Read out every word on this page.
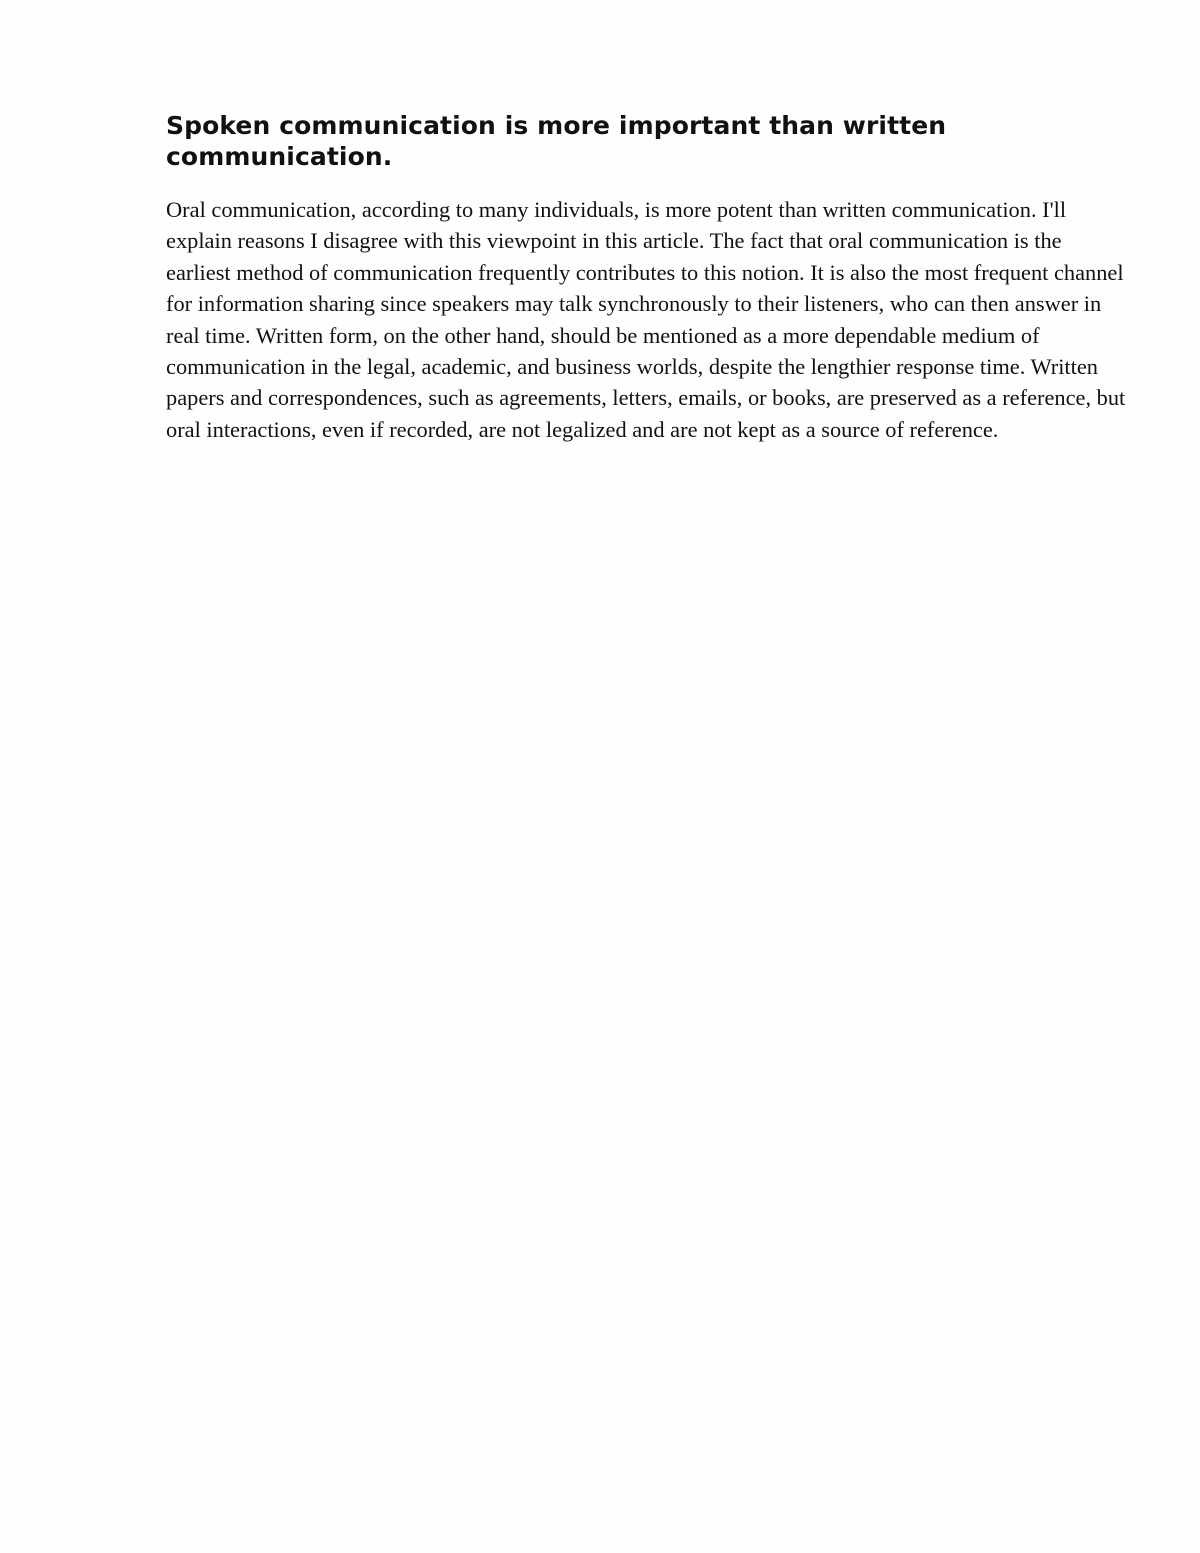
Spoken communication is more important than written communication.

Oral communication, according to many individuals, is more potent than written communication. I'll explain reasons I disagree with this viewpoint in this article. The fact that oral communication is the earliest method of communication frequently contributes to this notion. It is also the most frequent channel for information sharing since speakers may talk synchronously to their listeners, who can then answer in real time. Written form, on the other hand, should be mentioned as a more dependable medium of communication in the legal, academic, and business worlds, despite the lengthier response time. Written papers and correspondences, such as agreements, letters, emails, or books, are preserved as a reference, but oral interactions, even if recorded, are not legalized and are not kept as a source of reference.
